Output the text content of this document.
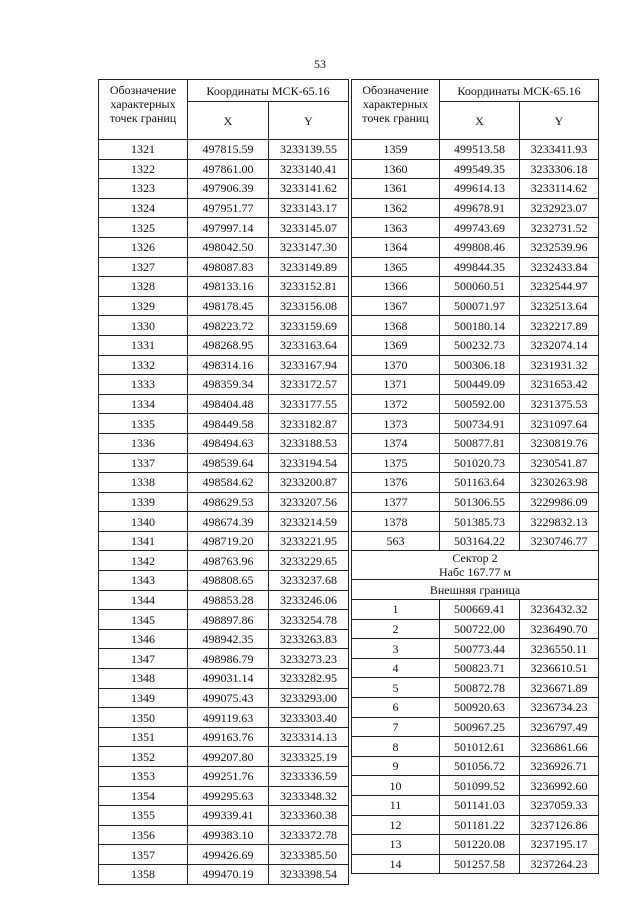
53
Обозначение характерных точек границ	Координаты МСК-65.16	
	X	Y
1321	497815.59	3233139.55
1322	497861.00	3233140.41
1323	497906.39	3233141.62
1324	497951.77	3233143.17
1325	497997.14	3233145.07
1326	498042.50	3233147.30
1327	498087.83	3233149.89
1328	498133.16	3233152.81
1329	498178.45	3233156.08
1330	498223.72	3233159.69
1331	498268.95	3233163.64
1332	498314.16	3233167.94
1333	498359.34	3233172.57
1334	498404.48	3233177.55
1335	498449.58	3233182.87
1336	498494.63	3233188.53
1337	498539.64	3233194.54
1338	498584.62	3233200.87
1339	498629.53	3233207.56
1340	498674.39	3233214.59
1341	498719.20	3233221.95
1342	498763.96	3233229.65
1343	498808.65	3233237.68
1344	498853.28	3233246.06
1345	498897.86	3233254.78
1346	498942.35	3233263.83
1347	498986.79	3233273.23
1348	499031.14	3233282.95
1349	499075.43	3233293.00
1350	499119.63	3233303.40
1351	499163.76	3233314.13
1352	499207.80	3233325.19
1353	499251.76	3233336.59
1354	499295.63	3233348.32
1355	499339.41	3233360.38
1356	499383.10	3233372.78
1357	499426.69	3233385.50
1358	499470.19	3233398.54
Обозначение характерных точек границ	Координаты МСК-65.16	
	X	Y
1359	499513.58	3233411.93
1360	499549.35	3233306.18
1361	499614.13	3233114.62
1362	499678.91	3232923.07
1363	499743.69	3232731.52
1364	499808.46	3232539.96
1365	499844.35	3232433.84
1366	500060.51	3232544.97
1367	500071.97	3232513.64
1368	500180.14	3232217.89
1369	500232.73	3232074.14
1370	500306.18	3231931.32
1371	500449.09	3231653.42
1372	500592.00	3231375.53
1373	500734.91	3231097.64
1374	500877.81	3230819.76
1375	501020.73	3230541.87
1376	501163.64	3230263.98
1377	501306.55	3229986.09
1378	501385.73	3229832.13
563	503164.22	3230746.77

Сектор 2
Набс 167.77 м		

Внешняя граница		
1	500669.41	3236432.32
2	500722.00	3236490.70
3	500773.44	3236550.11
4	500823.71	3236610.51
5	500872.78	3236671.89
6	500920.63	3236734.23
7	500967.25	3236797.49
8	501012.61	3236861.66
9	501056.72	3236926.71
10	501099.52	3236992.60
11	501141.03	3237059.33
12	501181.22	3237126.86
13	501220.08	3237195.17
14	501257.58	3237264.23
